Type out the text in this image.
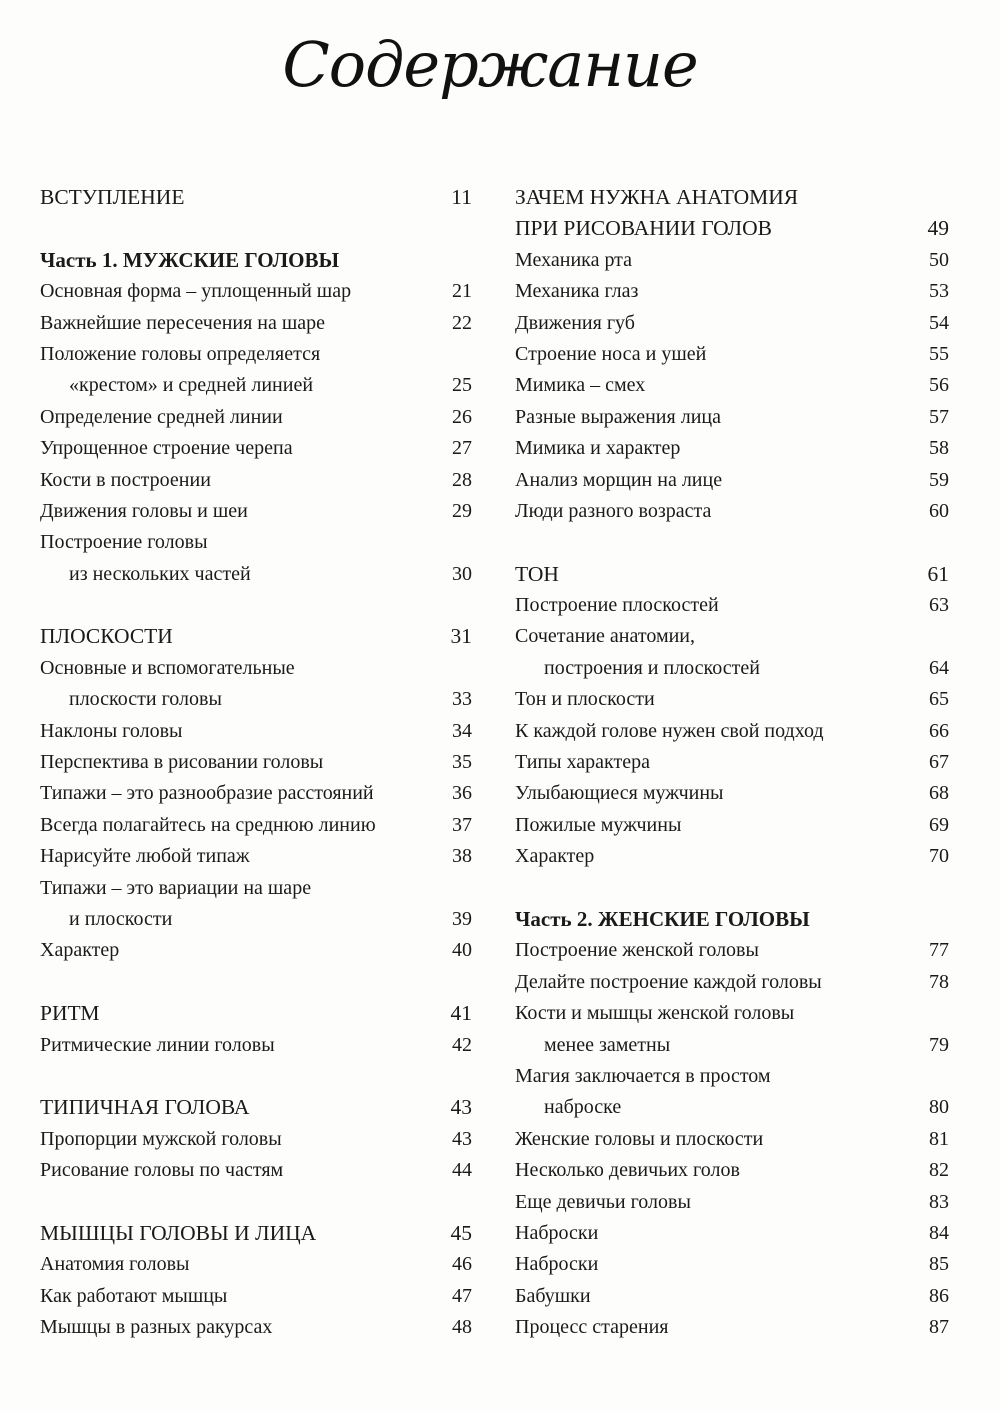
Содержание
ВСТУПЛЕНИЕ	11
Часть 1. МУЖСКИЕ ГОЛОВЫ
Основная форма – уплощенный шар	21
Важнейшие пересечения на шаре	22
Положение головы определяется
«крестом» и средней линией	25
Определение средней линии	26
Упрощенное строение черепа	27
Кости в построении	28
Движения головы и шеи	29
Построение головы
из нескольких частей	30
ПЛОСКОСТИ	31
Основные и вспомогательные
плоскости головы	33
Наклоны головы	34
Перспектива в рисовании головы	35
Типажи – это разнообразие расстояний	36
Всегда полагайтесь на среднюю линию	37
Нарисуйте любой типаж	38
Типажи – это вариации на шаре
и плоскости	39
Характер	40
РИТМ	41
Ритмические линии головы	42
ТИПИЧНАЯ ГОЛОВА	43
Пропорции мужской головы	43
Рисование головы по частям	44
МЫШЦЫ ГОЛОВЫ И ЛИЦА	45
Анатомия головы	46
Как работают мышцы	47
Мышцы в разных ракурсах	48
ЗАЧЕМ НУЖНА АНАТОМИЯ
ПРИ РИСОВАНИИ ГОЛОВ	49
Механика рта	50
Механика глаз	53
Движения губ	54
Строение носа и ушей	55
Мимика – смех	56
Разные выражения лица	57
Мимика и характер	58
Анализ морщин на лице	59
Люди разного возраста	60
ТОН	61
Построение плоскостей	63
Сочетание анатомии,
построения и плоскостей	64
Тон и плоскости	65
К каждой голове нужен свой подход	66
Типы характера	67
Улыбающиеся мужчины	68
Пожилые мужчины	69
Характер	70
Часть 2. ЖЕНСКИЕ ГОЛОВЫ
Построение женской головы	77
Делайте построение каждой головы	78
Кости и мышцы женской головы
менее заметны	79
Магия заключается в простом
наброске	80
Женские головы и плоскости	81
Несколько девичьих голов	82
Еще девичьи головы	83
Наброски	84
Наброски	85
Бабушки	86
Процесс старения	87
